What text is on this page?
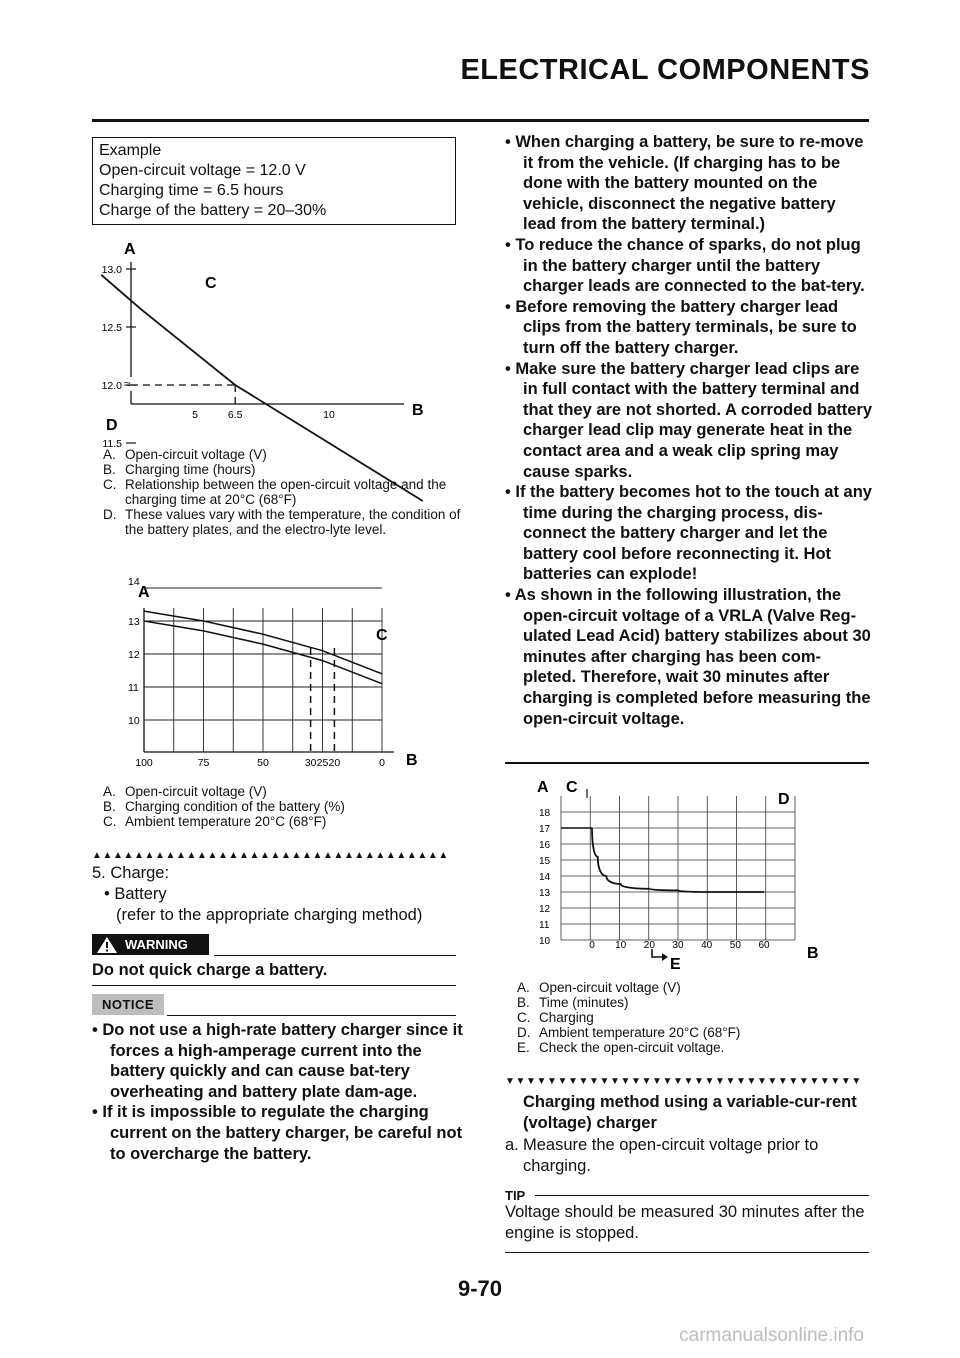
ELECTRICAL COMPONENTS
Example
Open-circuit voltage = 12.0 V
Charging time = 6.5 hours
Charge of the battery = 20–30%
A
≈
13.0
12.5
12.0
11.5
5	6.5	10
C
B
D
A. Open-circuit voltage (V)
B. Charging time (hours)
C. Relationship between the open-circuit voltage and the charging time at 20°C (68°F)
D. These values vary with the temperature, the condition of the battery plates, and the electro-lyte level.
A
14
13
12
11
10
100	75	50	30 25 20	0
C
B
A. Open-circuit voltage (V)
B. Charging condition of the battery (%)
C. Ambient temperature 20°C (68°F)
▲▲▲▲▲▲▲▲▲▲▲▲▲▲▲▲▲▲▲▲▲▲▲▲▲▲▲▲▲▲▲▲▲▲
5. Charge:
• Battery
(refer to the appropriate charging method)
WARNING
Do not quick charge a battery.
NOTICE
• Do not use a high-rate battery charger since it forces a high-amperage current into the battery quickly and can cause bat-tery overheating and battery plate dam-age.
• If it is impossible to regulate the charging current on the battery charger, be careful not to overcharge the battery.
• When charging a battery, be sure to re-move it from the vehicle. (If charging has to be done with the battery mounted on the vehicle, disconnect the negative battery lead from the battery terminal.)
• To reduce the chance of sparks, do not plug in the battery charger until the battery charger leads are connected to the bat-tery.
• Before removing the battery charger lead clips from the battery terminals, be sure to turn off the battery charger.
• Make sure the battery charger lead clips are in full contact with the battery terminal and that they are not shorted. A corroded battery charger lead clip may generate heat in the contact area and a weak clip spring may cause sparks.
• If the battery becomes hot to the touch at any time during the charging process, dis-connect the battery charger and let the battery cool before reconnecting it. Hot batteries can explode!
• As shown in the following illustration, the open-circuit voltage of a VRLA (Valve Reg-ulated Lead Acid) battery stabilizes about 30 minutes after charging has been com-pleted. Therefore, wait 30 minutes after charging is completed before measuring the open-circuit voltage.
A C
D
18
17
16
15
14
13
12
11
10	0 10 20 30 40 50 60
E
B
A. Open-circuit voltage (V)
B. Time (minutes)
C. Charging
D. Ambient temperature 20°C (68°F)
E. Check the open-circuit voltage.
▼▼▼▼▼▼▼▼▼▼▼▼▼▼▼▼▼▼▼▼▼▼▼▼▼▼▼▼▼▼▼▼▼▼
Charging method using a variable-cur-rent (voltage) charger
a. Measure the open-circuit voltage prior to charging.
TIP
Voltage should be measured 30 minutes after the engine is stopped.
9-70
carmanualsonline.info
